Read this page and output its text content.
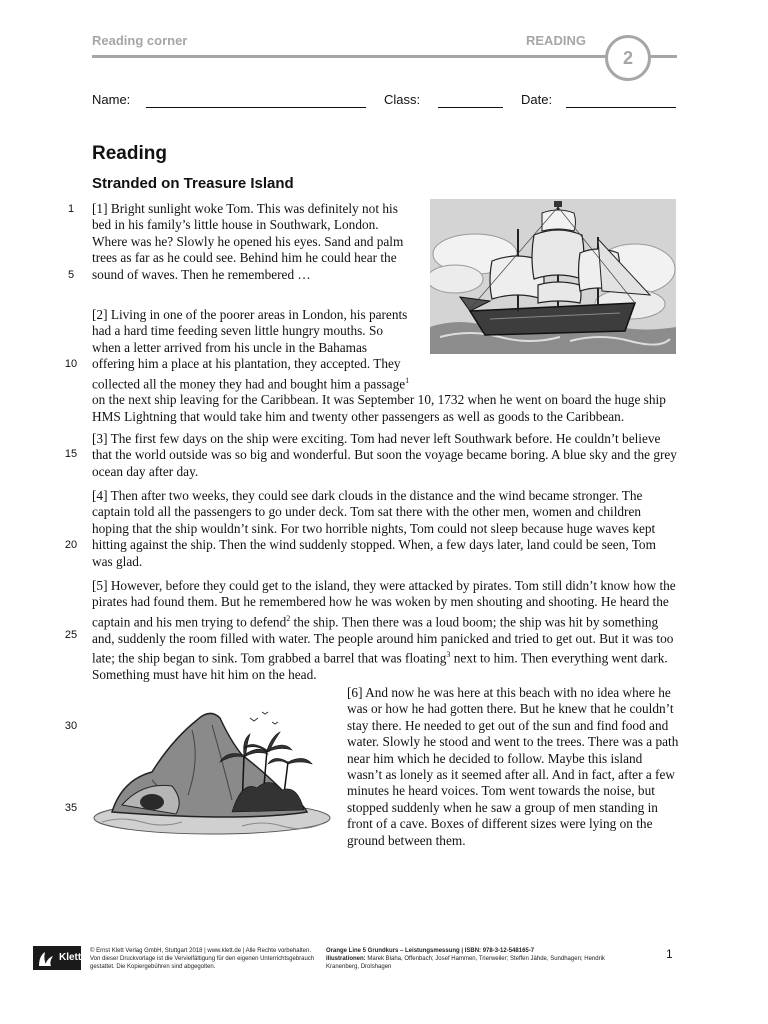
Reading corner	READING
2
Name:	Class:	Date:
Reading
Stranded on Treasure Island
1
5
10
15
20
25
30
35

[1] Bright sunlight woke Tom. This was definitely not his bed in his family’s little house in Southwark, London. Where was he? Slowly he opened his eyes. Sand and palm trees as far as he could see. Behind him he could hear the sound of waves. Then he remembered …

[2] Living in one of the poorer areas in London, his parents had a hard time feeding seven little hungry mouths. So when a letter arrived from his uncle in the Bahamas offering him a place at his plantation, they accepted. They collected all the money they had and bought him a passage$^1$ on the next ship leaving for the Caribbean. It was September 10, 1732 when he went on board the huge ship HMS Lightning that would take him and twenty other passengers as well as goods to the Caribbean.

[3] The first few days on the ship were exciting. Tom had never left Southwark before. He couldn’t believe that the world outside was so big and wonderful. But soon the voyage became boring. A blue sky and the grey ocean day after day.

[4] Then after two weeks, they could see dark clouds in the distance and the wind became stronger. The captain told all the passengers to go under deck. Tom sat there with the other men, women and children hoping that the ship wouldn’t sink. For two horrible nights, Tom could not sleep because huge waves kept hitting against the ship. Then the wind suddenly stopped. When, a few days later, land could be seen, Tom was glad.

[5] However, before they could get to the island, they were attacked by pirates. Tom still didn’t know how the pirates had found them. But he remembered how he was woken by men shouting and shooting. He heard the captain and his men trying to defend$^2$ the ship. Then there was a loud boom; the ship was hit by something and, suddenly the room filled with water. The people around him panicked and tried to get out. But it was too late; the ship began to sink. Tom grabbed a barrel that was floating$^3$ next to him. Then everything went dark. Something must have hit him on the head.

[6] And now he was here at this beach with no idea where he was or how he had gotten there. But he knew that he couldn’t stay there. He needed to get out of the sun and find food and water. Slowly he stood and went to the trees. There was a path near him which he decided to follow. Maybe this island wasn’t as lonely as it seemed after all. And in fact, after a few minutes he heard voices. Tom went towards the noise, but stopped suddenly when he saw a group of men standing in front of a cave. Boxes of different sizes were lying on the ground between them.

Klett
© Ernst Klett Verlag GmbH, Stuttgart 2018 | www.klett.de | Alle Rechte vorbehalten. Von dieser Druckvorlage ist die Vervielfältigung für den eigenen Unterrichtsgebrauch gestattet. Die Kopiergebühren sind abgegolten.
Orange Line 5 Grundkurs – Leistungsmessung | ISBN: 978-3-12-548165-7
Illustrationen: Marek Blaha, Offenbach; Josef Hammen, Trierweiler; Steffen Jähde, Sundhagen; Hendrik Kranenberg, Drolshagen
1
